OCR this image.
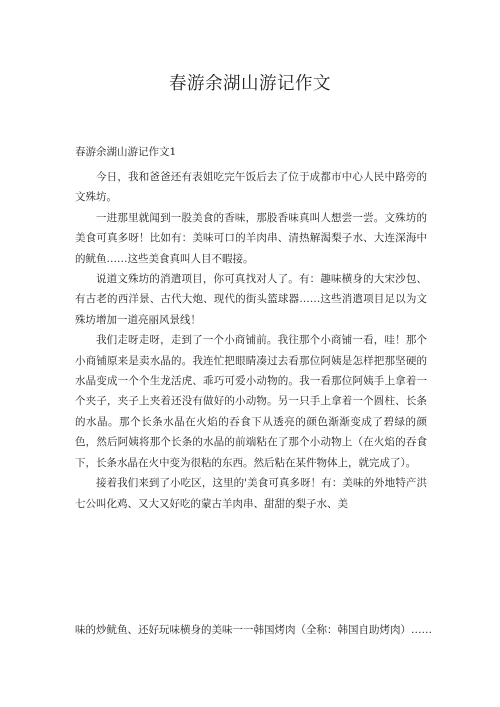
春游余湖山游记作文
春游余湖山游记作文1

今日，我和爸爸还有表姐吃完午饭后去了位于成都市中心人民中路旁的文殊坊。

一进那里就闻到一股美食的香味，那股香味真叫人想尝一尝。文殊坊的美食可真多呀！比如有：美味可口的羊肉串、清热解渴梨子水、大连深海中的鱿鱼……这些美食真叫人目不暇接。

说道文殊坊的消遣项目，你可真找对人了。有：趣味横身的大宋沙包、有古老的西洋景、古代大炮、现代的街头篮球器……这些消遣项目足以为文殊坊增加一道亮丽风景线！

我们走呀走呀，走到了一个小商铺前。我往那个小商铺一看，哇！那个小商铺原来是卖水晶的。我连忙把眼睛凑过去看那位阿姨是怎样把那坚硬的水晶变成一个个生龙活虎、乖巧可爱小动物的。我一看那位阿姨手上拿着一个夹子，夹子上夹着还没有做好的小动物。另一只手上拿着一个圆柱、长条的水晶。那个长条水晶在火焰的吞食下从透亮的颜色渐渐变成了碧绿的颜色，然后阿姨将那个长条的水晶的前端粘在了那个小动物上（在火焰的吞食下，长条水晶在火中变为很粘的东西。然后粘在某件物体上，就完成了）。

接着我们来到了小吃区，这里的'美食可真多呀！有：美味的外地特产洪七公叫化鸡、又大又好吃的蒙古羊肉串、甜甜的梨子水、美

味的炒鱿鱼、还好玩味横身的美味一一韩国烤肉（全称：韩国自助烤肉）……
